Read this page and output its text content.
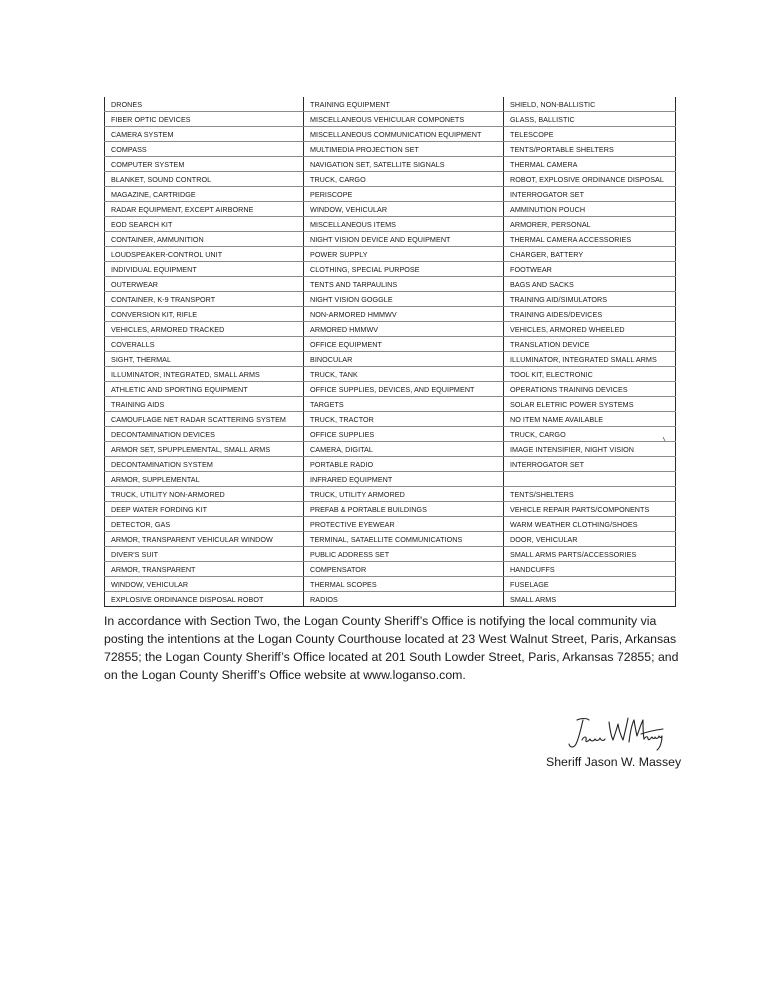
DRONES	TRAINING EQUIPMENT	SHIELD, NON-BALLISTIC
FIBER OPTIC DEVICES	MISCELLANEOUS VEHICULAR COMPONETS	GLASS, BALLISTIC
CAMERA SYSTEM	MISCELLANEOUS COMMUNICATION EQUIPMENT	TELESCOPE
COMPASS	MULTIMEDIA PROJECTION SET	TENTS/PORTABLE SHELTERS
COMPUTER SYSTEM	NAVIGATION SET, SATELLITE SIGNALS	THERMAL CAMERA
BLANKET, SOUND CONTROL	TRUCK, CARGO	ROBOT, EXPLOSIVE ORDINANCE DISPOSAL
MAGAZINE, CARTRIDGE	PERISCOPE	INTERROGATOR SET
RADAR EQUIPMENT, EXCEPT AIRBORNE	WINDOW, VEHICULAR	AMMINUTION POUCH
EOD SEARCH KIT	MISCELLANEOUS ITEMS	ARMORER, PERSONAL
CONTAINER, AMMUNITION	NIGHT VISION DEVICE AND EQUIPMENT	THERMAL CAMERA ACCESSORIES
LOUDSPEAKER-CONTROL UNIT	POWER SUPPLY	CHARGER, BATTERY
INDIVIDUAL EQUIPMENT	CLOTHING, SPECIAL PURPOSE	FOOTWEAR
OUTERWEAR	TENTS AND TARPAULINS	BAGS AND SACKS
CONTAINER, K-9 TRANSPORT	NIGHT VISION GOGGLE	TRAINING AID/SIMULATORS
CONVERSION KIT, RIFLE	NON-ARMORED HMMWV	TRAINING AIDES/DEVICES
VEHICLES, ARMORED TRACKED	ARMORED HMMWV	VEHICLES, ARMORED WHEELED
COVERALLS	OFFICE EQUIPMENT	TRANSLATION DEVICE
SIGHT, THERMAL	BINOCULAR	ILLUMINATOR, INTEGRATED SMALL ARMS
ILLUMINATOR, INTEGRATED, SMALL ARMS	TRUCK, TANK	TOOL KIT, ELECTRONIC
ATHLETIC AND SPORTING EQUIPMENT	OFFICE SUPPLIES, DEVICES, AND EQUIPMENT	OPERATIONS TRAINING DEVICES
TRAINING AIDS	TARGETS	SOLAR ELETRIC POWER SYSTEMS
CAMOUFLAGE NET RADAR SCATTERING SYSTEM	TRUCK, TRACTOR	NO ITEM NAME AVAILABLE
DECONTAMINATION DEVICES	OFFICE SUPPLIES	TRUCK, CARGO
ARMOR SET, SPUPPLEMENTAL, SMALL ARMS	CAMERA, DIGITAL	IMAGE INTENSIFIER, NIGHT VISION
DECONTAMINATION SYSTEM	PORTABLE RADIO	INTERROGATOR SET
ARMOR, SUPPLEMENTAL	INFRARED EQUIPMENT	
TRUCK, UTILITY NON-ARMORED	TRUCK, UTILITY ARMORED	TENTS/SHELTERS
DEEP WATER FORDING KIT	PREFAB & PORTABLE BUILDINGS	VEHICLE REPAIR PARTS/COMPONENTS
DETECTOR, GAS	PROTECTIVE EYEWEAR	WARM WEATHER CLOTHING/SHOES
ARMOR, TRANSPARENT VEHICULAR WINDOW	TERMINAL, SATAELLITE COMMUNICATIONS	DOOR, VEHICULAR
DIVER'S SUIT	PUBLIC ADDRESS SET	SMALL ARMS PARTS/ACCESSORIES
ARMOR, TRANSPARENT	COMPENSATOR	HANDCUFFS
WINDOW, VEHICULAR	THERMAL SCOPES	FUSELAGE
EXPLOSIVE ORDINANCE DISPOSAL ROBOT	RADIOS	SMALL ARMS

In accordance with Section Two, the Logan County Sheriff’s Office is notifying the local community via posting the intentions at the Logan County Courthouse located at 23 West Walnut Street, Paris, Arkansas 72855; the Logan County Sheriff’s Office located at 201 South Lowder Street, Paris, Arkansas 72855; and on the Logan County Sheriff’s Office website at www.loganso.com.

Sheriff Jason W. Massey
